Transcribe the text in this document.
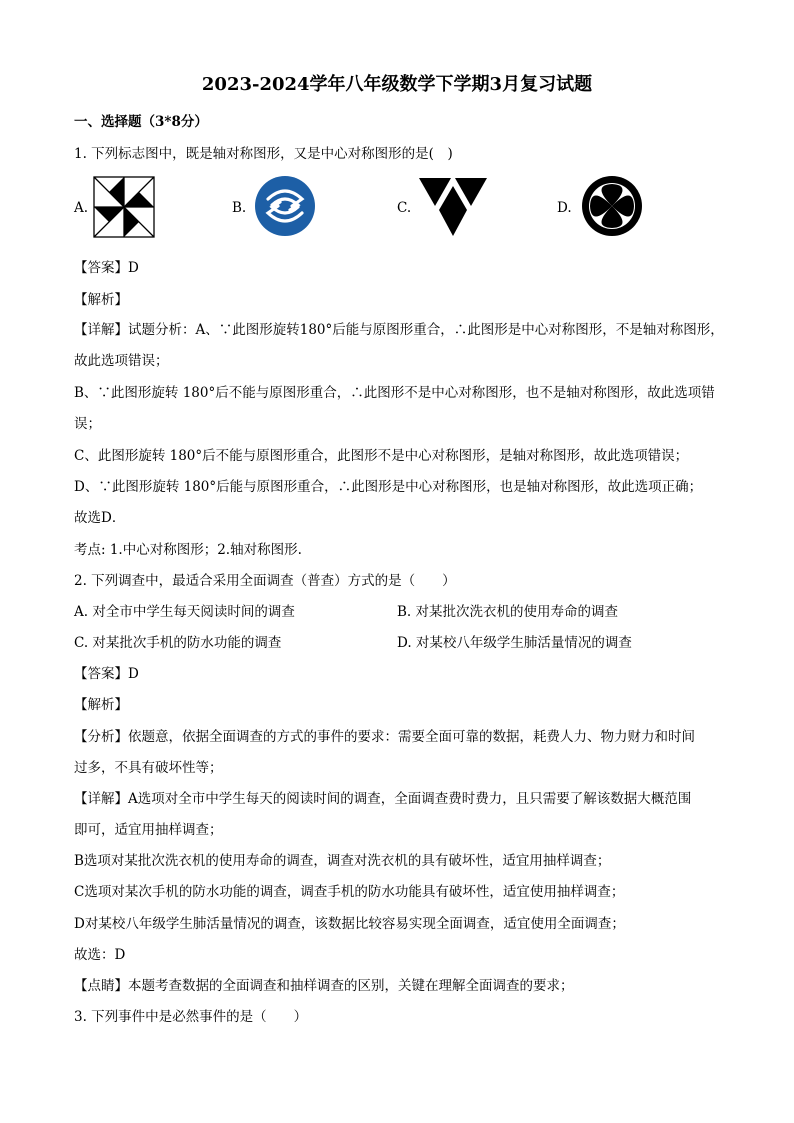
2023-2024学年八年级数学下学期3月复习试题
一、选择题（3*8分）
1. 下列标志图中，既是轴对称图形，又是中心对称图形的是(　)
A.	B.	C.	D.
【答案】D
【解析】
【详解】试题分析：A、∵此图形旋转180°后能与原图形重合，∴此图形是中心对称图形，不是轴对称图形，
故此选项错误；
B、∵此图形旋转 180°后不能与原图形重合，∴此图形不是中心对称图形，也不是轴对称图形，故此选项错
误；
C、此图形旋转 180°后不能与原图形重合，此图形不是中心对称图形，是轴对称图形，故此选项错误；
D、∵此图形旋转 180°后能与原图形重合，∴此图形是中心对称图形，也是轴对称图形，故此选项正确；
故选D．
考点: 1.中心对称图形；2.轴对称图形.
2. 下列调查中，最适合采用全面调查（普查）方式的是（　　）
A. 对全市中学生每天阅读时间的调查	B. 对某批次洗衣机的使用寿命的调查
C. 对某批次手机的防水功能的调查	D. 对某校八年级学生肺活量情况的调查
【答案】D
【解析】
【分析】依题意，依据全面调查的方式的事件的要求：需要全面可靠的数据，耗费人力、物力财力和时间
过多，不具有破坏性等；
【详解】A选项对全市中学生每天的阅读时间的调查，全面调查费时费力，且只需要了解该数据大概范围
即可，适宜用抽样调查；
B选项对某批次洗衣机的使用寿命的调查，调查对洗衣机的具有破坏性，适宜用抽样调查；
C选项对某次手机的防水功能的调查，调查手机的防水功能具有破坏性，适宜使用抽样调查；
D对某校八年级学生肺活量情况的调查，该数据比较容易实现全面调查，适宜使用全面调查；
故选：D
【点睛】本题考查数据的全面调查和抽样调查的区别，关键在理解全面调查的要求；
3. 下列事件中是必然事件的是（　　）
